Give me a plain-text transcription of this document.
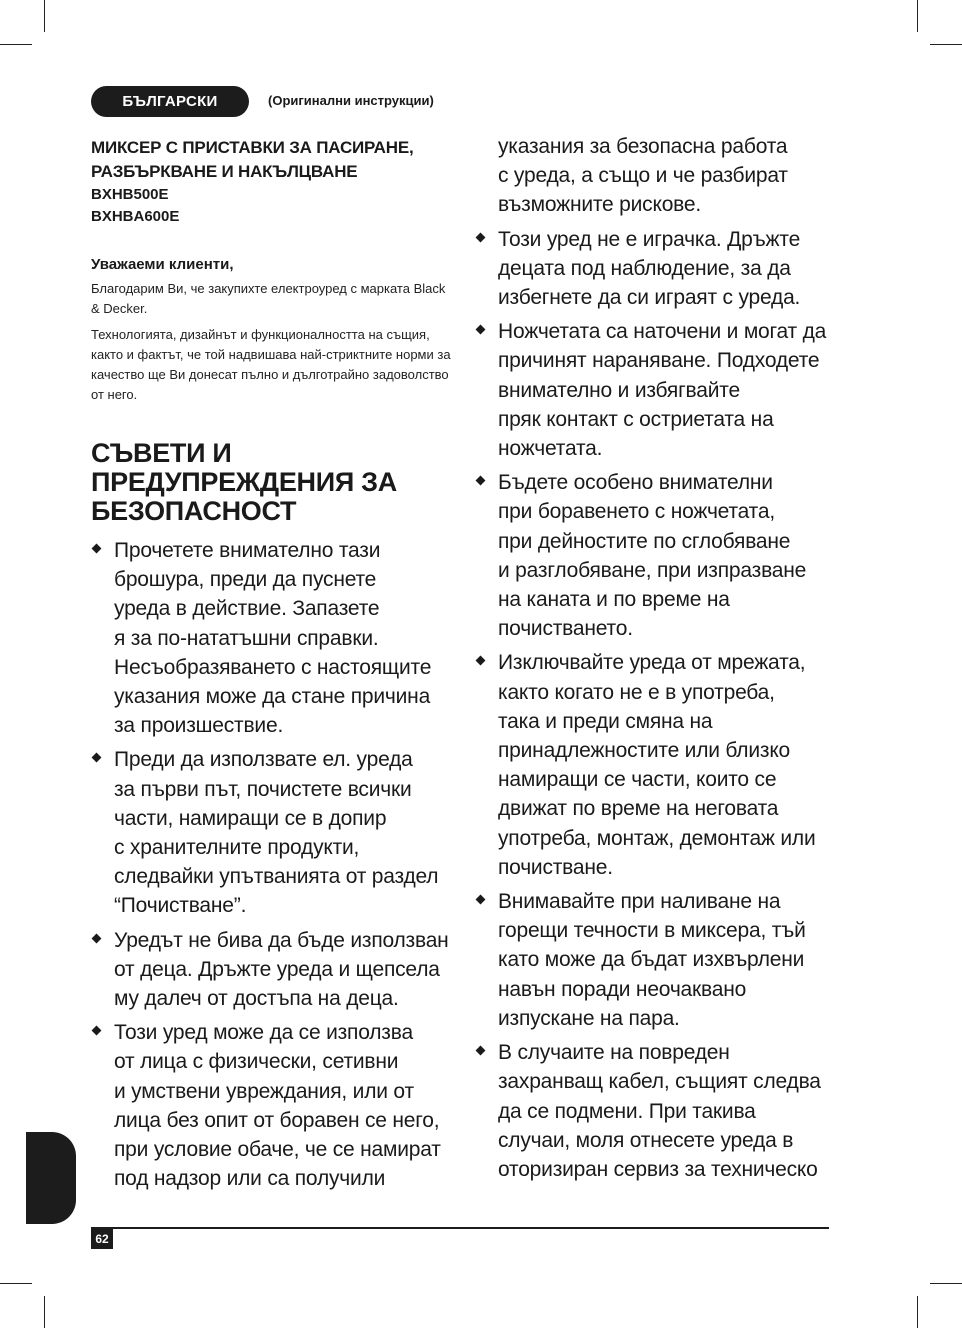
БЪЛГАРСКИ	(Оригинални инструкции)

МИКСЕР С ПРИСТАВКИ ЗА ПАСИРАНЕ,

РАЗБЪРКВАНЕ И НАКЪЛЦВАНЕ

BXHB500E

BXHBA600E

Уважаеми клиенти,

Благодарим Ви, че закупихте електроуред с марката Black & Decker.

Технологията, дизайнът и функционалността на същия, както и фактът, че той надвишава най-стриктните норми за качество ще Ви донесат пълно и дълготрайно задоволство от него.

СЪВЕТИ И
ПРЕДУПРЕЖДЕНИЯ ЗА
БЕЗОПАСНОСТ
Прочетете внимателно тази
брошура, преди да пуснете
уреда в действие. Запазете
я за по-нататъшни справки.
Несъобразяването с настоящите
указания може да стане причина
за произшествие.
Преди да използвате ел. уреда
за първи път, почистете всички
части, намиращи се в допир
с хранителните продукти,
следвайки упътванията от раздел
“Почистване”.
Уредът не бива да бъде използван
от деца. Дръжте уреда и щепсела
му далеч от достъпа на деца.
Този уред може да се използва
от лица с физически, сетивни
и умствени увреждания, или от
лица без опит от боравен се него,
при условие обаче, че се намират
под надзор или са получили

указания за безопасна работа
с уреда, а също и че разбират
възможните рискове.

Този уред не е играчка. Дръжте
децата под наблюдение, за да
избегнете да си играят с уреда.
Ножчетата са наточени и могат да
причинят нараняване. Подходете
внимателно и избягвайте
пряк контакт с остриетата на
ножчетата.
Бъдете особено внимателни
при боравенето с ножчетата,
при дейностите по сглобяване
и разглобяване, при изпразване
на каната и по време на
почистването.
Изключвайте уреда от мрежата,
както когато не е в употреба,
така и преди смяна на
принадлежностите или близко
намиращи се части, които се
движат по време на неговата
употреба, монтаж, демонтаж или
почистване.
Внимавайте при наливане на
горещи течности в миксера, тъй
като може да бъдат изхвърлени
навън поради неочаквано
изпускане на пара.
В случаите на повреден
захранващ кабел, същият следва
да се подмени. При такива
случаи, моля отнесете уреда в
оторизиран сервиз за техническо
62
